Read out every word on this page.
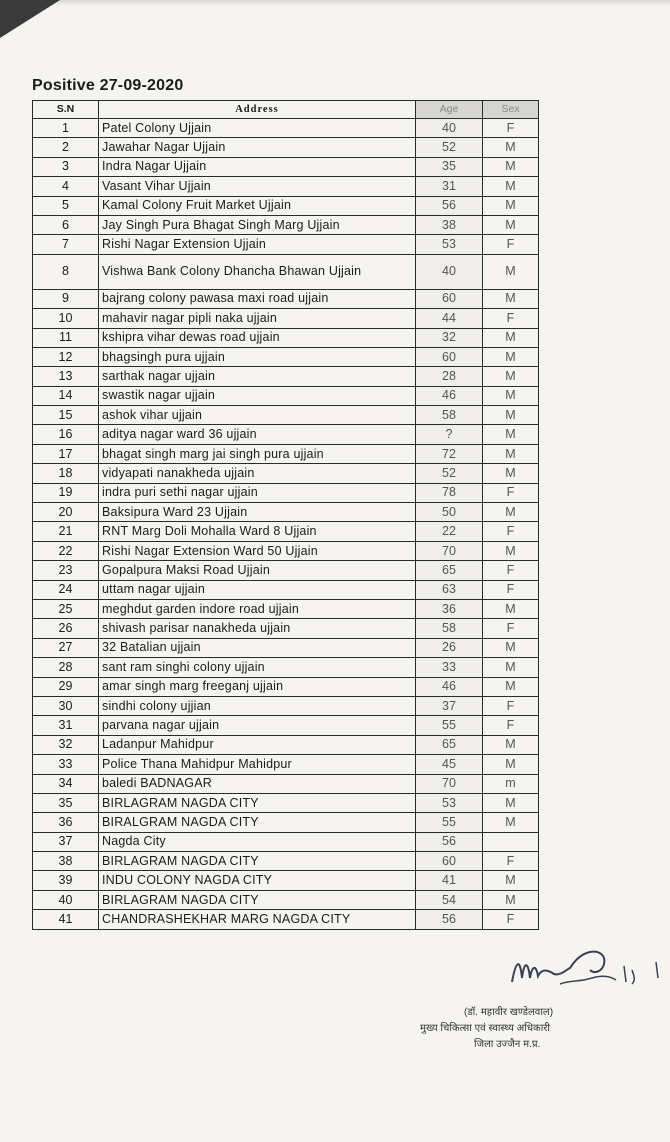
Positive 27-09-2020
S.N	Address	Age	Sex
1	Patel Colony Ujjain	40	F
2	Jawahar Nagar Ujjain	52	M
3	Indra Nagar Ujjain	35	M
4	Vasant Vihar Ujjain	31	M
5	Kamal Colony Fruit Market Ujjain	56	M
6	Jay Singh Pura Bhagat Singh Marg Ujjain	38	M
7	Rishi Nagar Extension Ujjain	53	F
8	Vishwa Bank Colony Dhancha Bhawan Ujjain	40	M
9	bajrang colony pawasa maxi road ujjain	60	M
10	mahavir nagar pipli naka ujjain	44	F
11	kshipra vihar dewas road ujjain	32	M
12	bhagsingh pura ujjain	60	M
13	sarthak nagar ujjain	28	M
14	swastik nagar ujjain	46	M
15	ashok vihar ujjain	58	M
16	aditya nagar ward 36 ujjain	?	M
17	bhagat singh marg jai singh pura ujjain	72	M
18	vidyapati nanakheda ujjain	52	M
19	indra puri sethi nagar ujjain	78	F
20	Baksipura Ward 23 Ujjain	50	M
21	RNT Marg Doli Mohalla Ward 8 Ujjain	22	F
22	Rishi Nagar Extension Ward 50 Ujjain	70	M
23	Gopalpura Maksi Road Ujjain	65	F
24	uttam nagar ujjain	63	F
25	meghdut garden indore road ujjain	36	M
26	shivash parisar nanakheda ujjain	58	F
27	32 Batalian ujjain	26	M
28	sant ram singhi colony ujjain	33	M
29	amar singh marg freeganj ujjain	46	M
30	sindhi colony ujjian	37	F
31	parvana nagar ujjain	55	F
32	Ladanpur Mahidpur	65	M
33	Police Thana Mahidpur Mahidpur	45	M
34	baledi BADNAGAR	70	m
35	BIRLAGRAM NAGDA CITY	53	M
36	BIRALGRAM NAGDA CITY	55	M
37	Nagda City	56	
38	BIRLAGRAM NAGDA CITY	60	F
39	INDU COLONY NAGDA CITY	41	M
40	BIRLAGRAM NAGDA CITY	54	M
41	CHANDRASHEKHAR MARG NAGDA CITY	56	F
(डॉ. महावीर खण्डेलवाल)
मुख्य चिकित्सा एवं स्वास्थ्य अधिकारी
जिला उज्जैन म.प्र.
